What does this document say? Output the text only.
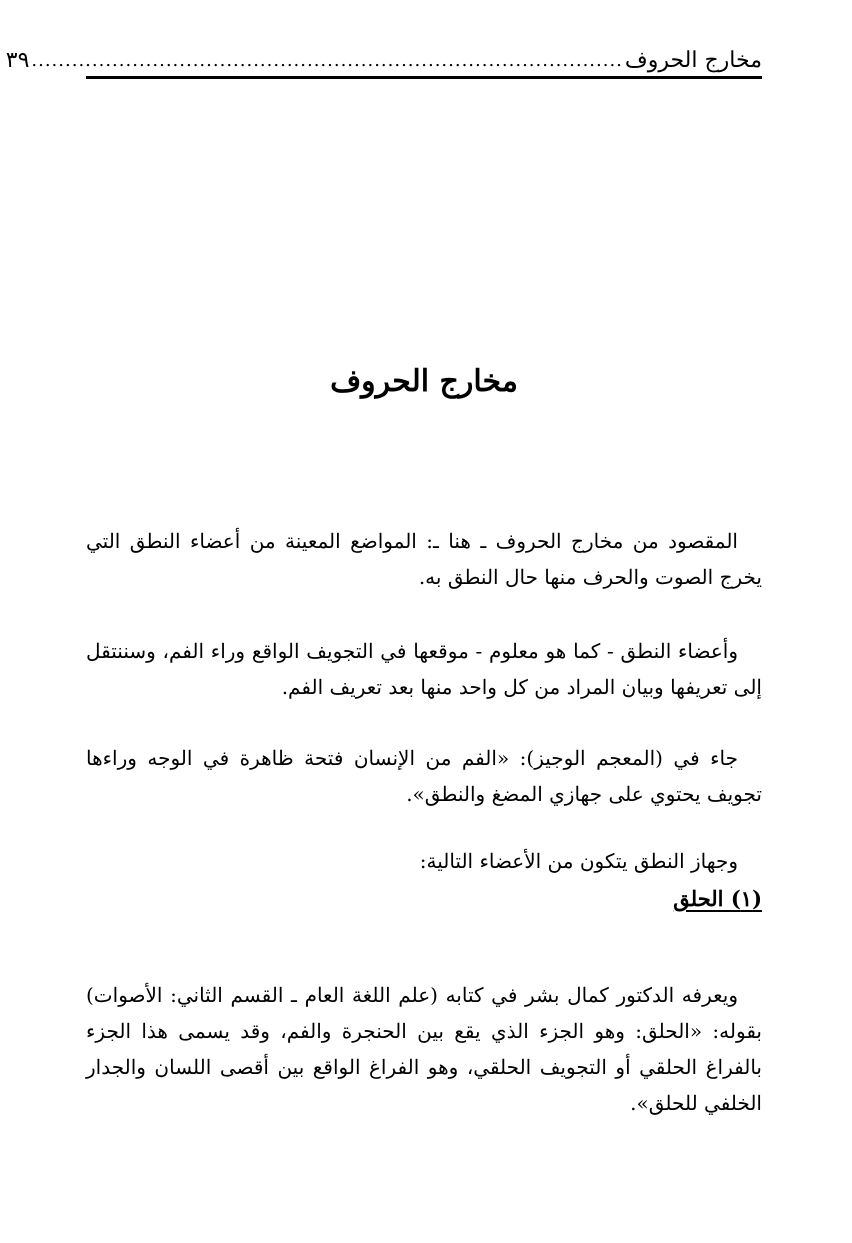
مخارج الحروف
........................................................................................
٣٩
مخارج الحروف

المقصود من مخارج الحروف ـ هنا ـ: المواضع المعينة من أعضاء النطق التي يخرج الصوت والحرف منها حال النطق به.

وأعضاء النطق - كما هو معلوم - موقعها في التجويف الواقع وراء الفم، وسننتقل إلى تعريفها وبيان المراد من كل واحد منها بعد تعريف الفم.

جاء في (المعجم الوجيز): «الفم من الإنسان فتحة ظاهرة في الوجه وراءها تجويف يحتوي على جهازي المضغ والنطق».

وجهاز النطق يتكون من الأعضاء التالية:

(١) الحلق

ويعرفه الدكتور كمال بشر في كتابه (علم اللغة العام ـ القسم الثاني: الأصوات) بقوله: «الحلق: وهو الجزء الذي يقع بين الحنجرة والفم، وقد يسمى هذا الجزء بالفراغ الحلقي أو التجويف الحلقي، وهو الفراغ الواقع بين أقصى اللسان والجدار الخلفي للحلق».
